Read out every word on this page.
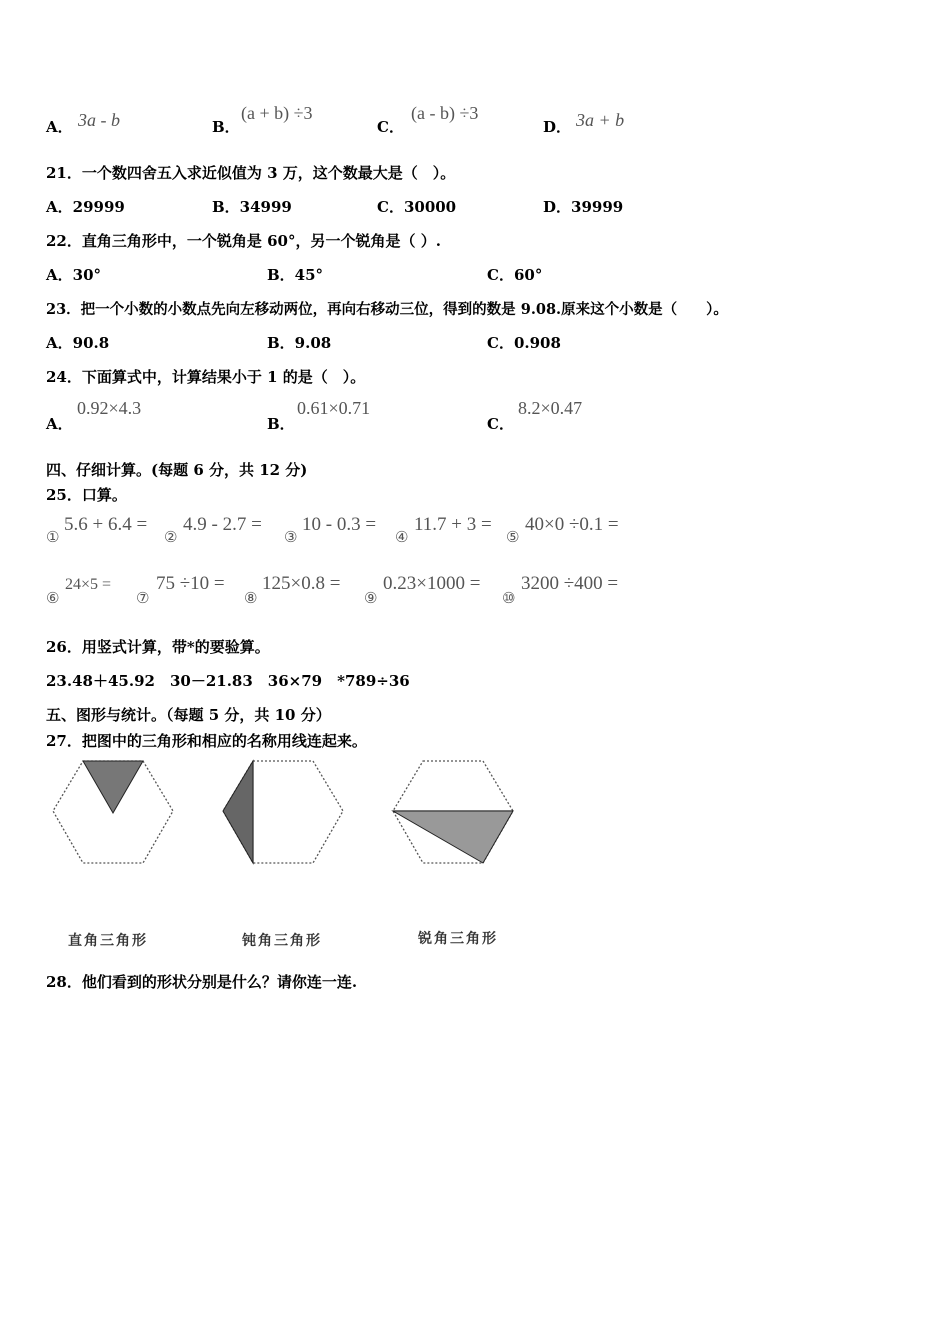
A． 3a - b	B．
(a + b) ÷3
C．
(a - b) ÷3
D． 3a + b
21．一个数四舍五入求近似值为 3 万，这个数最大是（　）。
A．29999	B．34999	C．30000	D．39999
22．直角三角形中，一个锐角是 60°，另一个锐角是（ ）.
A．30°	B．45°	C．60°
23．把一个小数的小数点先向左移动两位，再向右移动三位，得到的数是 9.08.原来这个小数是（　　）。
A．90.8	B．9.08	C．0.908
24．下面算式中，计算结果小于 1 的是（　）。
A．
0.92×4.3
B．
0.61×0.71
C．
8.2×0.47
四、仔细计算。(每题 6 分，共 12 分)
25．口算。
①
5.6 + 6.4 =
②
4.9 - 2.7 =
③
10 - 0.3 =
④
11.7 + 3 =
⑤
40×0 ÷0.1 =
⑥
24×5 =
⑦
75 ÷10 =
⑧
125×0.8 =
⑨
0.23×1000 =
⑩
3200 ÷400 =
26．用竖式计算，带*的要验算。
23.48＋45.92　30－21.83　36×79　*789÷36
五、图形与统计。（每题 5 分，共 10 分）
27．把图中的三角形和相应的名称用线连起来。
直角三角形	钝角三角形	锐角三角形
28．他们看到的形状分别是什么？请你连一连.
